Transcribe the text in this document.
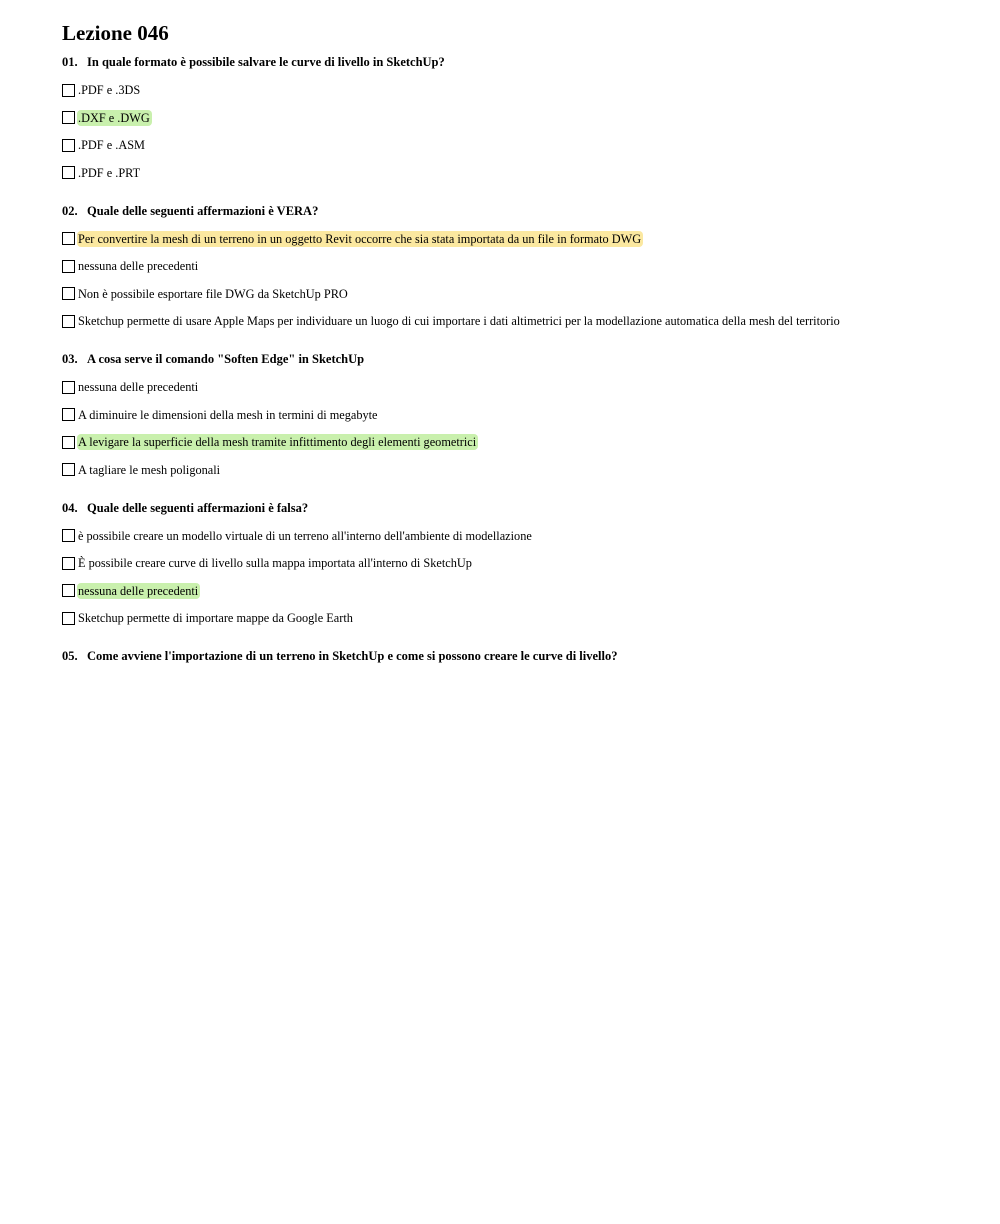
Lezione 046
01. In quale formato è possibile salvare le curve di livello in SketchUp?
.PDF e .3DS
.DXF e .DWG
.PDF e .ASM
.PDF e .PRT
02. Quale delle seguenti affermazioni è VERA?
Per convertire la mesh di un terreno in un oggetto Revit occorre che sia stata importata da un file in formato DWG
nessuna delle precedenti
Non è possibile esportare file DWG da SketchUp PRO
Sketchup permette di usare Apple Maps per individuare un luogo di cui importare i dati altimetrici per la modellazione automatica della mesh del territorio
03. A cosa serve il comando "Soften Edge" in SketchUp
nessuna delle precedenti
A diminuire le dimensioni della mesh in termini di megabyte
A levigare la superficie della mesh tramite infittimento degli elementi geometrici
A tagliare le mesh poligonali
04. Quale delle seguenti affermazioni è falsa?
è possibile creare un modello virtuale di un terreno all'interno dell'ambiente di modellazione
È possibile creare curve di livello sulla mappa importata all'interno di SketchUp
nessuna delle precedenti
Sketchup permette di importare mappe da Google Earth
05. Come avviene l'importazione di un terreno in SketchUp e come si possono creare le curve di livello?
